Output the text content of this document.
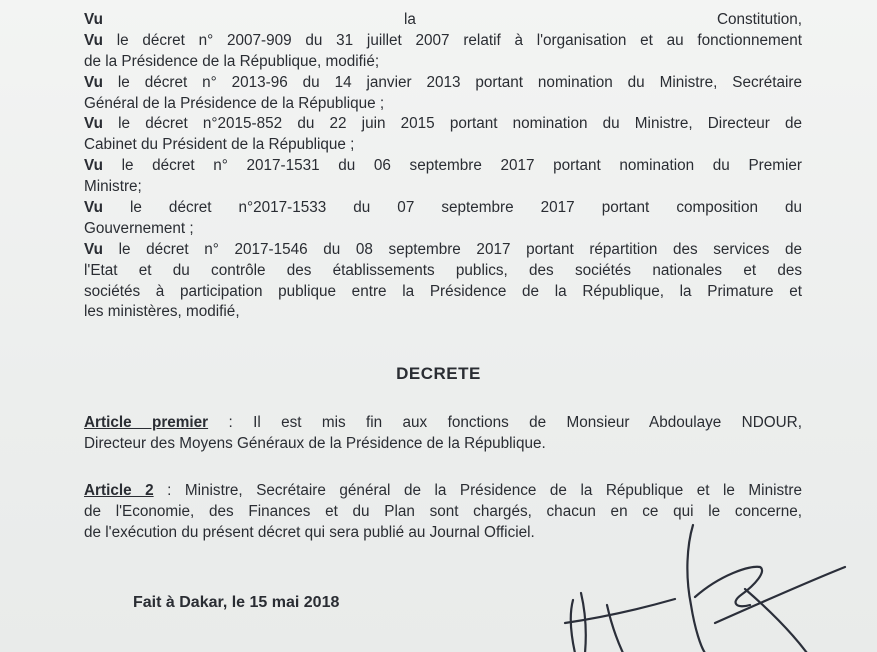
Vu la Constitution,
Vu le décret n° 2007-909 du 31 juillet 2007 relatif à l'organisation et au fonctionnement
de la Présidence de la République, modifié;
Vu le décret n° 2013-96 du 14 janvier 2013 portant nomination du Ministre, Secrétaire
Général de la Présidence de la République ;
Vu le décret n°2015-852 du 22 juin 2015 portant nomination du Ministre, Directeur de
Cabinet du Président de la République ;
Vu le décret n° 2017-1531 du 06 septembre 2017 portant nomination du Premier
Ministre;
Vu le décret n°2017-1533 du 07 septembre 2017 portant composition du
Gouvernement ;
Vu le décret n° 2017-1546 du 08 septembre 2017 portant répartition des services de
l'Etat et du contrôle des établissements publics, des sociétés nationales et des
sociétés à participation publique entre la Présidence de la République, la Primature et
les ministères, modifié,
DECRETE
Article premier : Il est mis fin aux fonctions de Monsieur Abdoulaye NDOUR,
Directeur des Moyens Généraux de la Présidence de la République.
Article 2 : Ministre, Secrétaire général de la Présidence de la République et le Ministre
de l'Economie, des Finances et du Plan sont chargés, chacun en ce qui le concerne,
de l'exécution du présent décret qui sera publié au Journal Officiel.
Fait à Dakar, le 15 mai 2018
